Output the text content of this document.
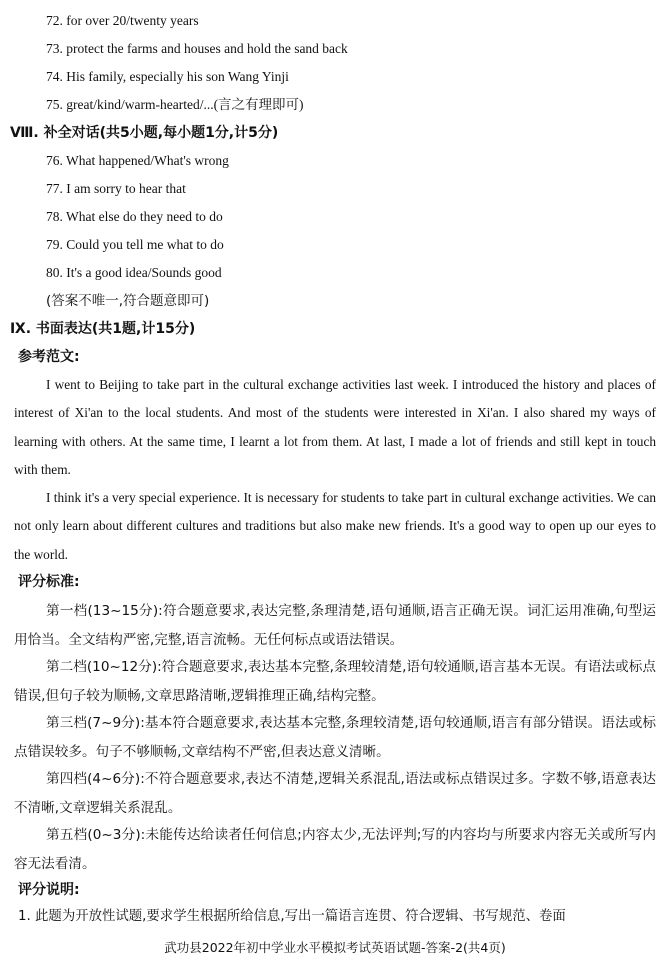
72. for over 20/twenty years
73. protect the farms and houses and hold the sand back
74. His family, especially his son Wang Yinji
75. great/kind/warm-hearted/...(言之有理即可)
Ⅷ. 补全对话(共5小题,每小题1分,计5分)
76. What happened/What's wrong
77. I am sorry to hear that
78. What else do they need to do
79. Could you tell me what to do
80. It's a good idea/Sounds good
(答案不唯一,符合题意即可)
Ⅸ. 书面表达(共1题,计15分)
参考范文:

I went to Beijing to take part in the cultural exchange activities last week. I introduced the history and places of interest of Xi'an to the local students. And most of the students were interested in Xi'an. I also shared my ways of learning with others. At the same time, I learnt a lot from them. At last, I made a lot of friends and still kept in touch with them.

I think it's a very special experience. It is necessary for students to take part in cultural exchange activities. We can not only learn about different cultures and traditions but also make new friends. It's a good way to open up our eyes to the world.

评分标准:

第一档(13~15分):符合题意要求,表达完整,条理清楚,语句通顺,语言正确无误。词汇运用准确,句型运用恰当。全文结构严密,完整,语言流畅。无任何标点或语法错误。

第二档(10~12分):符合题意要求,表达基本完整,条理较清楚,语句较通顺,语言基本无误。有语法或标点错误,但句子较为顺畅,文章思路清晰,逻辑推理正确,结构完整。

第三档(7~9分):基本符合题意要求,表达基本完整,条理较清楚,语句较通顺,语言有部分错误。语法或标点错误较多。句子不够顺畅,文章结构不严密,但表达意义清晰。

第四档(4~6分):不符合题意要求,表达不清楚,逻辑关系混乱,语法或标点错误过多。字数不够,语意表达不清晰,文章逻辑关系混乱。

第五档(0~3分):未能传达给读者任何信息;内容太少,无法评判;写的内容均与所要求内容无关或所写内容无法看清。

评分说明:
1. 此题为开放性试题,要求学生根据所给信息,写出一篇语言连贯、符合逻辑、书写规范、卷面
武功县2022年初中学业水平模拟考试英语试题-答案-2(共4页)
